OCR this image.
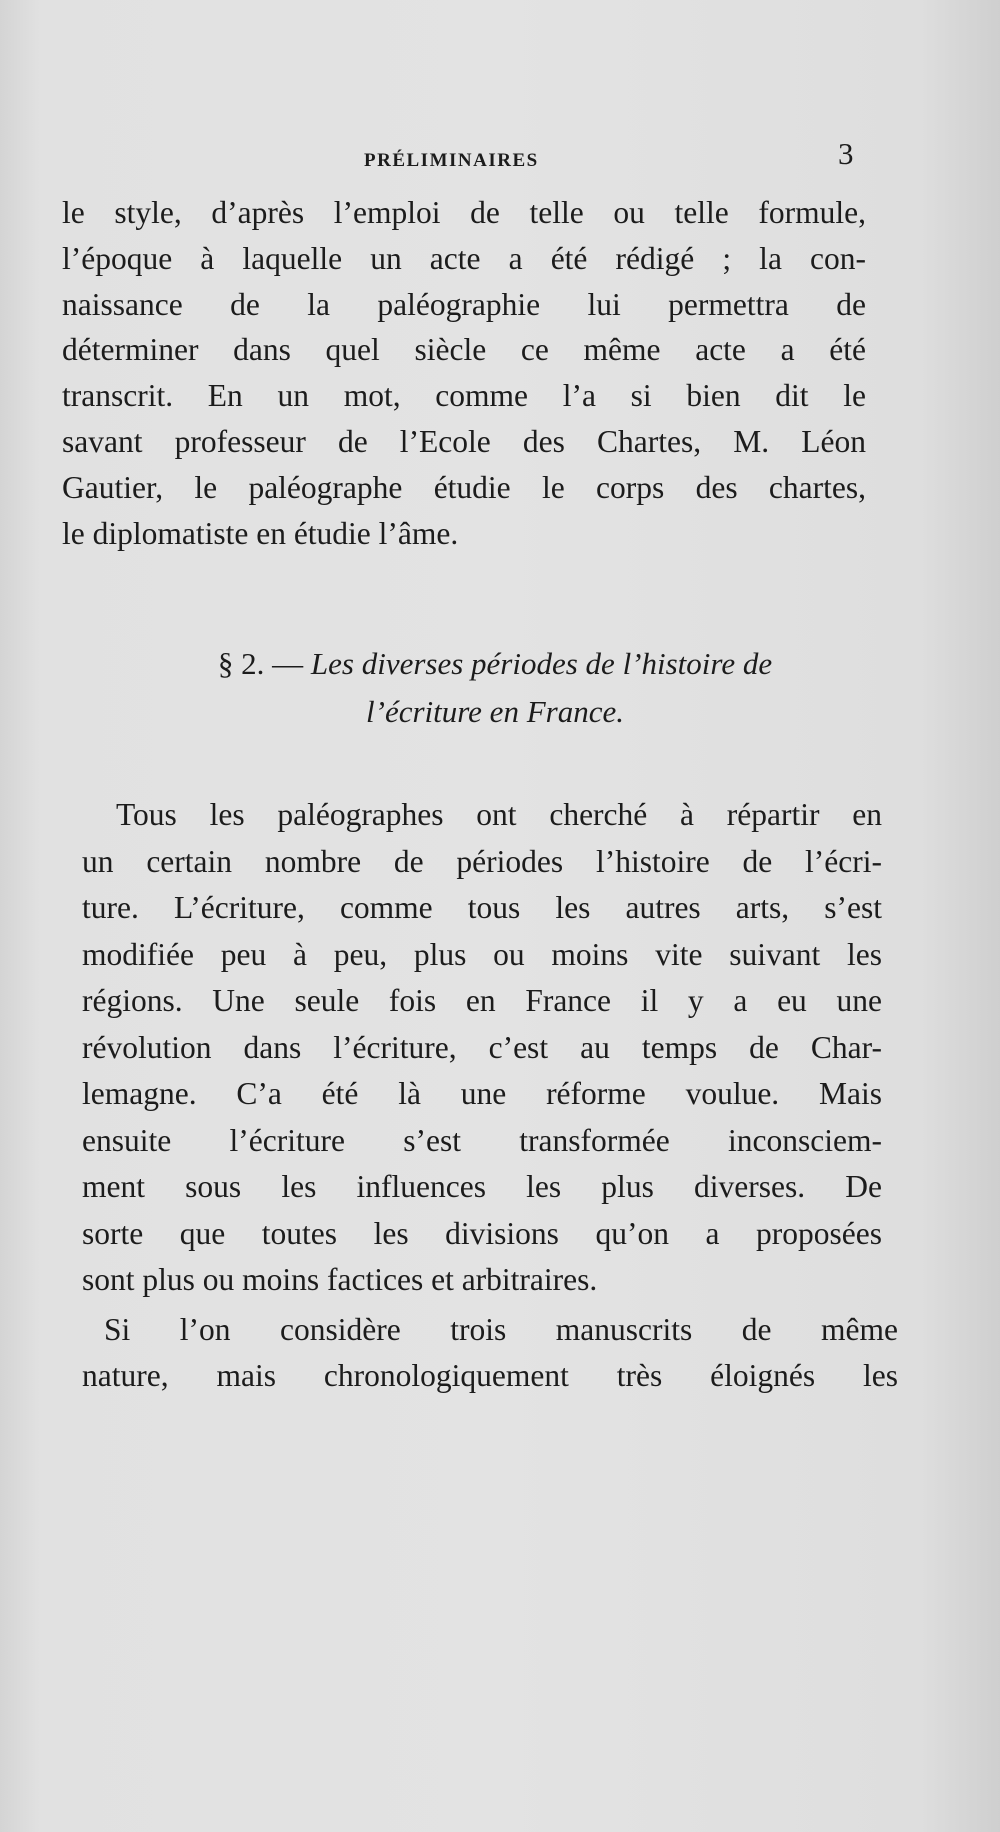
PRÉLIMINAIRES	3

le style, d’après l’emploi de telle ou telle formule,
l’époque à laquelle un acte a été rédigé ; la con-
naissance de la paléographie lui permettra de
déterminer dans quel siècle ce même acte a été
transcrit. En un mot, comme l’a si bien dit le
savant professeur de l’Ecole des Chartes, M. Léon
Gautier, le paléographe étudie le corps des chartes,
le diplomatiste en étudie l’âme.

§ 2. — Les diverses périodes de l’histoire de
l’écriture en France.

Tous les paléographes ont cherché à répartir en
un certain nombre de périodes l’histoire de l’écri-
ture. L’écriture, comme tous les autres arts, s’est
modifiée peu à peu, plus ou moins vite suivant les
régions. Une seule fois en France il y a eu une
révolution dans l’écriture, c’est au temps de Char-
lemagne. C’a été là une réforme voulue. Mais
ensuite l’écriture s’est transformée inconsciem-
ment sous les influences les plus diverses. De
sorte que toutes les divisions qu’on a proposées
sont plus ou moins factices et arbitraires.

Si l’on considère trois manuscrits de même
nature, mais chronologiquement très éloignés les
